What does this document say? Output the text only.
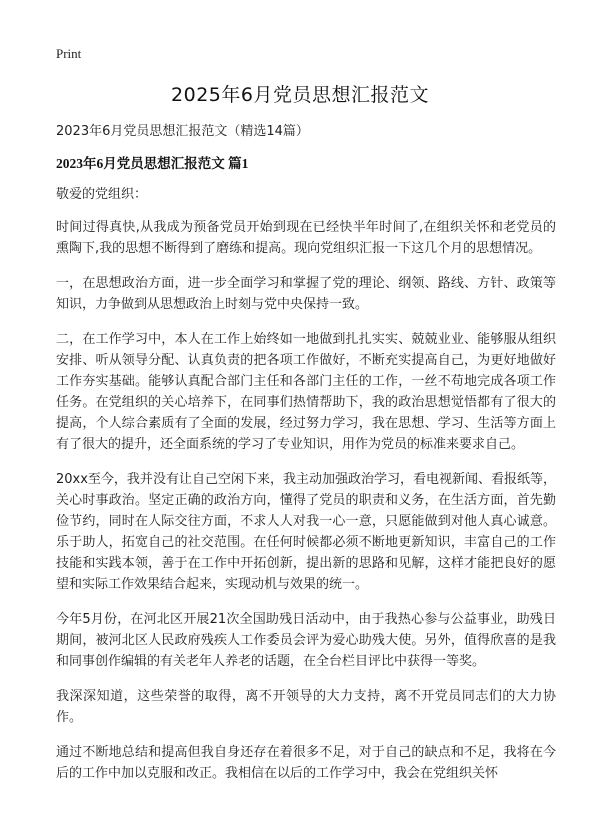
Print
2025年6月党员思想汇报范文

2023年6月党员思想汇报范文（精选14篇）

2023年6月党员思想汇报范文 篇1

敬爱的党组织：

时间过得真快,从我成为预备党员开始到现在已经快半年时间了,在组织关怀和老党员的熏陶下,我的思想不断得到了磨练和提高。现向党组织汇报一下这几个月的思想情况。

一，在思想政治方面，进一步全面学习和掌握了党的理论、纲领、路线、方针、政策等知识，力争做到从思想政治上时刻与党中央保持一致。

二，在工作学习中，本人在工作上始终如一地做到扎扎实实、兢兢业业、能够服从组织安排、听从领导分配、认真负责的把各项工作做好，不断充实提高自己，为更好地做好工作夯实基础。能够认真配合部门主任和各部门主任的工作，一丝不苟地完成各项工作任务。在党组织的关心培养下，在同事们热情帮助下，我的政治思想觉悟都有了很大的提高，个人综合素质有了全面的发展，经过努力学习，我在思想、学习、生活等方面上有了很大的提升，还全面系统的学习了专业知识，用作为党员的标准来要求自己。

20xx至今，我并没有让自己空闲下来，我主动加强政治学习，看电视新闻、看报纸等，关心时事政治。坚定正确的政治方向，懂得了党员的职责和义务，在生活方面，首先勤俭节约，同时在人际交往方面，不求人人对我一心一意，只愿能做到对他人真心诚意。乐于助人，拓宽自己的社交范围。在任何时候都必须不断地更新知识，丰富自己的工作技能和实践本领，善于在工作中开拓创新，提出新的思路和见解，这样才能把良好的愿望和实际工作效果结合起来，实现动机与效果的统一。

今年5月份，在河北区开展21次全国助残日活动中，由于我热心参与公益事业，助残日期间，被河北区人民政府残疾人工作委员会评为爱心助残大使。另外，值得欣喜的是我和同事创作编辑的有关老年人养老的话题，在全台栏目评比中获得一等奖。

我深深知道，这些荣誉的取得，离不开领导的大力支持，离不开党员同志们的大力协作。

通过不断地总结和提高但我自身还存在着很多不足，对于自己的缺点和不足，我将在今后的工作中加以克服和改正。我相信在以后的工作学习中，我会在党组织关怀
